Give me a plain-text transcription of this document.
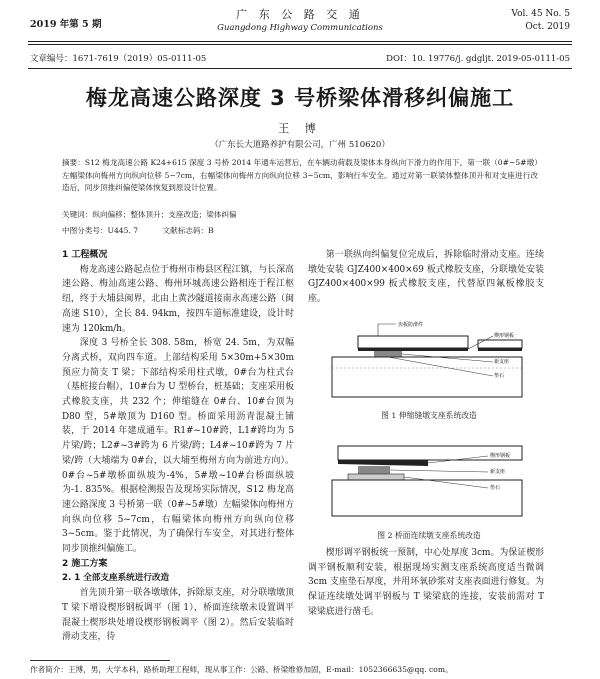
2019 年第 5 期
广 东 公 路 交 通
Guangdong Highway Communications
Vol. 45 No. 5
Oct. 2019
文章编号：1671-7619（2019）05-0111-05	DOI：10. 19776/j. gdgljt. 2019-05-0111-05
梅龙高速公路深度 3 号桥梁体滑移纠偏施工
王 博
（广东长大道路养护有限公司，广州 510620）
摘要：S12 梅龙高速公路 K24+615 深度 3 号桥 2014 年通车运营后，在车辆动荷载及梁体本身纵向下滑力的作用下，第一联（0#~5#墩）左幅梁体向梅州方向纵向位移 5~7cm，右幅梁体向梅州方向纵向位移 3~5cm，影响行车安全。通过对第一联梁体整体顶升和对支座进行改造后，同步顶推纠偏使梁体恢复到原设计位置。
关键词：纵向偏移；整体顶升；支座改造；梁体纠偏
中图分类号：U445. 7	文献标志码：B

1 工程概况

梅龙高速公路起点位于梅州市梅县区程江镇，与长深高速公路、梅汕高速公路、梅州环城高速公路相连于程江枢纽，终于大埔县闽界，北由上黄沙隧道接南永高速公路（闽高速 S10），全长 84. 94km，按四车道标准建设，设计时速为 120km/h。

深度 3 号桥全长 308. 58m，桥宽 24. 5m，为双幅分离式桥，双向四车道。上部结构采用 5×30m+5×30m 预应力简支 T 梁；下部结构采用柱式墩，0#台为柱式台（基桩接台帽），10#台为 U 型桥台，桩基础；支座采用板式橡胶支座，共 232 个；伸缩缝在 0#台、10#台顶为 D80 型，5#墩顶为 D160 型。桥面采用沥青混凝土铺装，于 2014 年建成通车。R1#~10#跨，L1#跨均为 5 片梁/跨；L2#~3#跨为 6 片梁/跨；L4#~10#跨为 7 片梁/跨（大埔端为 0#台，以大埔至梅州方向为前进方向）。0#台~5#墩桥面纵坡为-4%，5#墩~10#台桥面纵坡为-1. 835%。根据检测报告及现场实际情况，S12 梅龙高速公路深度 3 号桥第一联（0#~5#墩）左幅梁体向梅州方向纵向位移 5~7cm，右幅梁体向梅州方向纵向位移 3~5cm。鉴于此情况，为了确保行车安全，对其进行整体同步顶推纠偏施工。

2 施工方案

2. 1 全部支座系统进行改造

首先顶升第一联各墩墩体，拆除原支座，对分联墩墩顶 T 梁下增设楔形钢板调平（图 1），桥面连续墩未设置调平混凝土楔形块处增设楔形钢板调平（图 2）。然后安装临时滑动支座，待

第一联纵向纠偏复位完成后，拆除临时滑动支座。连续墩处安装 GJZ400×400×69 板式橡胶支座，分联墩处安装 GJZ400×400×99 板式橡胶支座，代替原四氟板橡胶支座。

齿板防滑件
楔形钢板
新支座
垫石
图 1 伸缩缝墩支座系统改造
楔形钢板
新支座
垫石
图 2 桥面连续墩支座系统改造

楔形调平钢板统一预制，中心处厚度 3cm。为保证楔形调平钢板顺利安装，根据现场实测支座系统高度适当微调 3cm 支座垫石厚度，并用环氧砂浆对支座表面进行修复。为保证连续墩处调平钢板与 T 梁梁底的连接，安装前需对 T 梁梁底进行凿毛。

作者简介：王博，男，大学本科，路桥助理工程师，现从事工作：公路、桥梁维修加固，E-mail：1052366635@qq. com。
